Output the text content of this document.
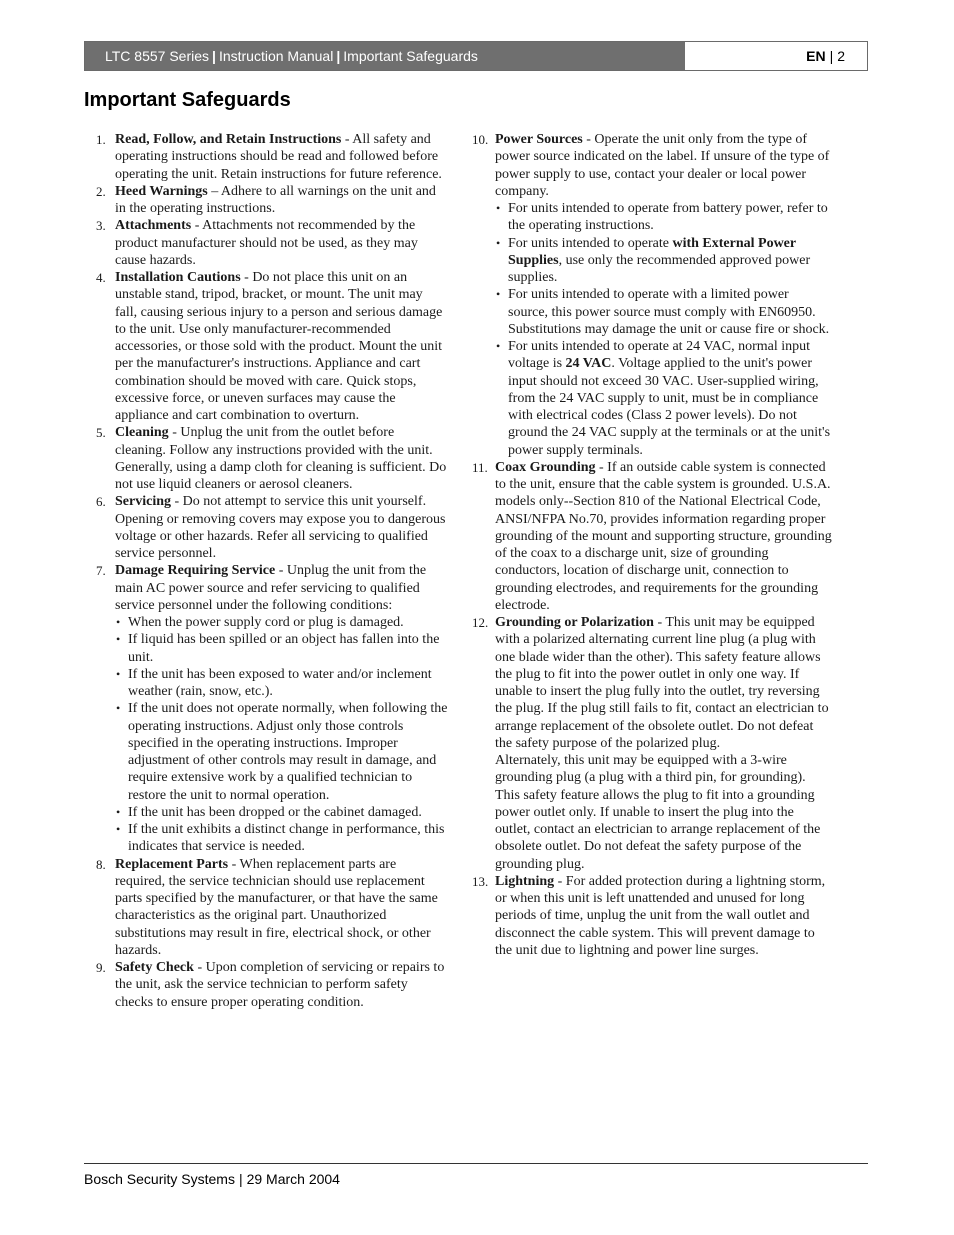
LTC 8557 Series | Instruction Manual | Important Safeguards	EN | 2
Important Safeguards
1. Read, Follow, and Retain Instructions - All safety and operating instructions should be read and followed before operating the unit. Retain instructions for future reference.
2. Heed Warnings – Adhere to all warnings on the unit and in the operating instructions.
3. Attachments - Attachments not recommended by the product manufacturer should not be used, as they may cause hazards.
4. Installation Cautions - Do not place this unit on an unstable stand, tripod, bracket, or mount. The unit may fall, causing serious injury to a person and serious damage to the unit. Use only manufacturer-recommended accessories, or those sold with the product. Mount the unit per the manufacturer's instructions. Appliance and cart combination should be moved with care. Quick stops, excessive force, or uneven surfaces may cause the appliance and cart combination to overturn.
5. Cleaning - Unplug the unit from the outlet before cleaning. Follow any instructions provided with the unit. Generally, using a damp cloth for cleaning is sufficient. Do not use liquid cleaners or aerosol cleaners.
6. Servicing - Do not attempt to service this unit yourself. Opening or removing covers may expose you to dangerous voltage or other hazards. Refer all servicing to qualified service personnel.
7. Damage Requiring Service - Unplug the unit from the main AC power source and refer servicing to qualified service personnel under the following conditions:
• When the power supply cord or plug is damaged.
• If liquid has been spilled or an object has fallen into the unit.
• If the unit has been exposed to water and/or inclement weather (rain, snow, etc.).
• If the unit does not operate normally, when following the operating instructions. Adjust only those controls specified in the operating instructions. Improper adjustment of other controls may result in damage, and require extensive work by a qualified technician to restore the unit to normal operation.
• If the unit has been dropped or the cabinet damaged.
• If the unit exhibits a distinct change in performance, this indicates that service is needed.
8. Replacement Parts - When replacement parts are required, the service technician should use replacement parts specified by the manufacturer, or that have the same characteristics as the original part. Unauthorized substitutions may result in fire, electrical shock, or other hazards.
9. Safety Check - Upon completion of servicing or repairs to the unit, ask the service technician to perform safety checks to ensure proper operating condition.
10. Power Sources - Operate the unit only from the type of power source indicated on the label. If unsure of the type of power supply to use, contact your dealer or local power company.
• For units intended to operate from battery power, refer to the operating instructions.
• For units intended to operate with External Power Supplies, use only the recommended approved power supplies.
• For units intended to operate with a limited power source, this power source must comply with EN60950. Substitutions may damage the unit or cause fire or shock.
• For units intended to operate at 24 VAC, normal input voltage is 24 VAC. Voltage applied to the unit's power input should not exceed 30 VAC. User-supplied wiring, from the 24 VAC supply to unit, must be in compliance with electrical codes (Class 2 power levels). Do not ground the 24 VAC supply at the terminals or at the unit's power supply terminals.
11. Coax Grounding - If an outside cable system is connected to the unit, ensure that the cable system is grounded. U.S.A. models only--Section 810 of the National Electrical Code, ANSI/NFPA No.70, provides information regarding proper grounding of the mount and supporting structure, grounding of the coax to a discharge unit, size of grounding conductors, location of discharge unit, connection to grounding electrodes, and requirements for the grounding electrode.
12. Grounding or Polarization - This unit may be equipped with a polarized alternating current line plug (a plug with one blade wider than the other). This safety feature allows the plug to fit into the power outlet in only one way. If unable to insert the plug fully into the outlet, try reversing the plug. If the plug still fails to fit, contact an electrician to arrange replacement of the obsolete outlet. Do not defeat the safety purpose of the polarized plug.
Alternately, this unit may be equipped with a 3-wire grounding plug (a plug with a third pin, for grounding). This safety feature allows the plug to fit into a grounding power outlet only. If unable to insert the plug into the outlet, contact an electrician to arrange replacement of the obsolete outlet. Do not defeat the safety purpose of the grounding plug.
13. Lightning - For added protection during a lightning storm, or when this unit is left unattended and unused for long periods of time, unplug the unit from the wall outlet and disconnect the cable system. This will prevent damage to the unit due to lightning and power line surges.
Bosch Security Systems | 29 March 2004
